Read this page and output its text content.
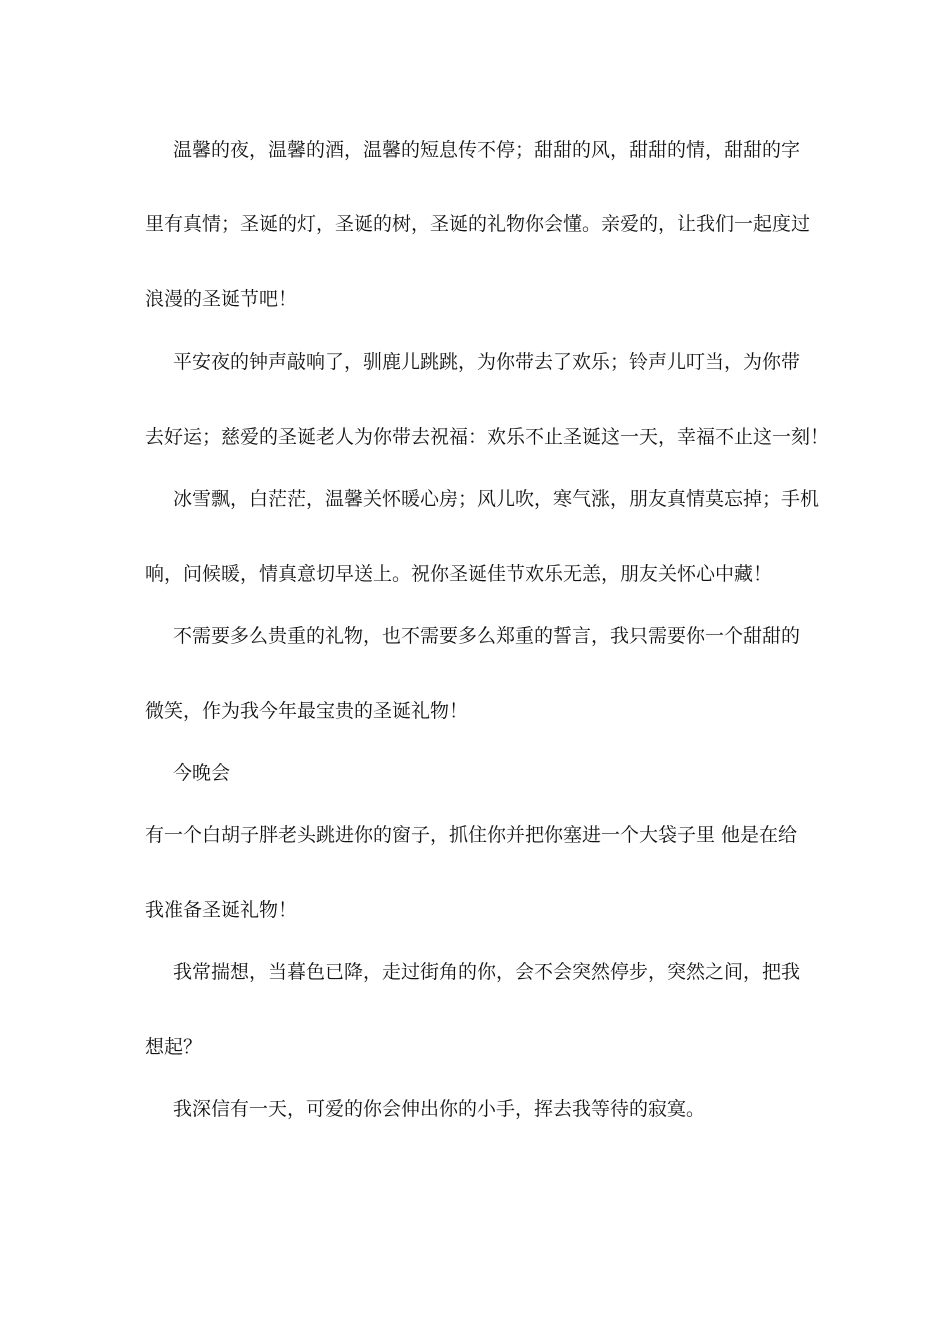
温馨的夜，温馨的酒，温馨的短息传不停；甜甜的风，甜甜的情，甜甜的字
里有真情；圣诞的灯，圣诞的树，圣诞的礼物你会懂。亲爱的，让我们一起度过
浪漫的圣诞节吧！
平安夜的钟声敲响了，驯鹿儿跳跳，为你带去了欢乐；铃声儿叮当，为你带
去好运；慈爱的圣诞老人为你带去祝福：欢乐不止圣诞这一天，幸福不止这一刻！
冰雪飘，白茫茫，温馨关怀暖心房；风儿吹，寒气涨，朋友真情莫忘掉；手机
响，问候暖，情真意切早送上。祝你圣诞佳节欢乐无恙，朋友关怀心中藏！
不需要多么贵重的礼物，也不需要多么郑重的誓言，我只需要你一个甜甜的
微笑，作为我今年最宝贵的圣诞礼物！
今晚会
有一个白胡子胖老头跳进你的窗子，抓住你并把你塞进一个大袋子里 他是在给
我准备圣诞礼物！
我常揣想，当暮色已降，走过街角的你，会不会突然停步，突然之间，把我
想起？
我深信有一天，可爱的你会伸出你的小手，挥去我等待的寂寞。
